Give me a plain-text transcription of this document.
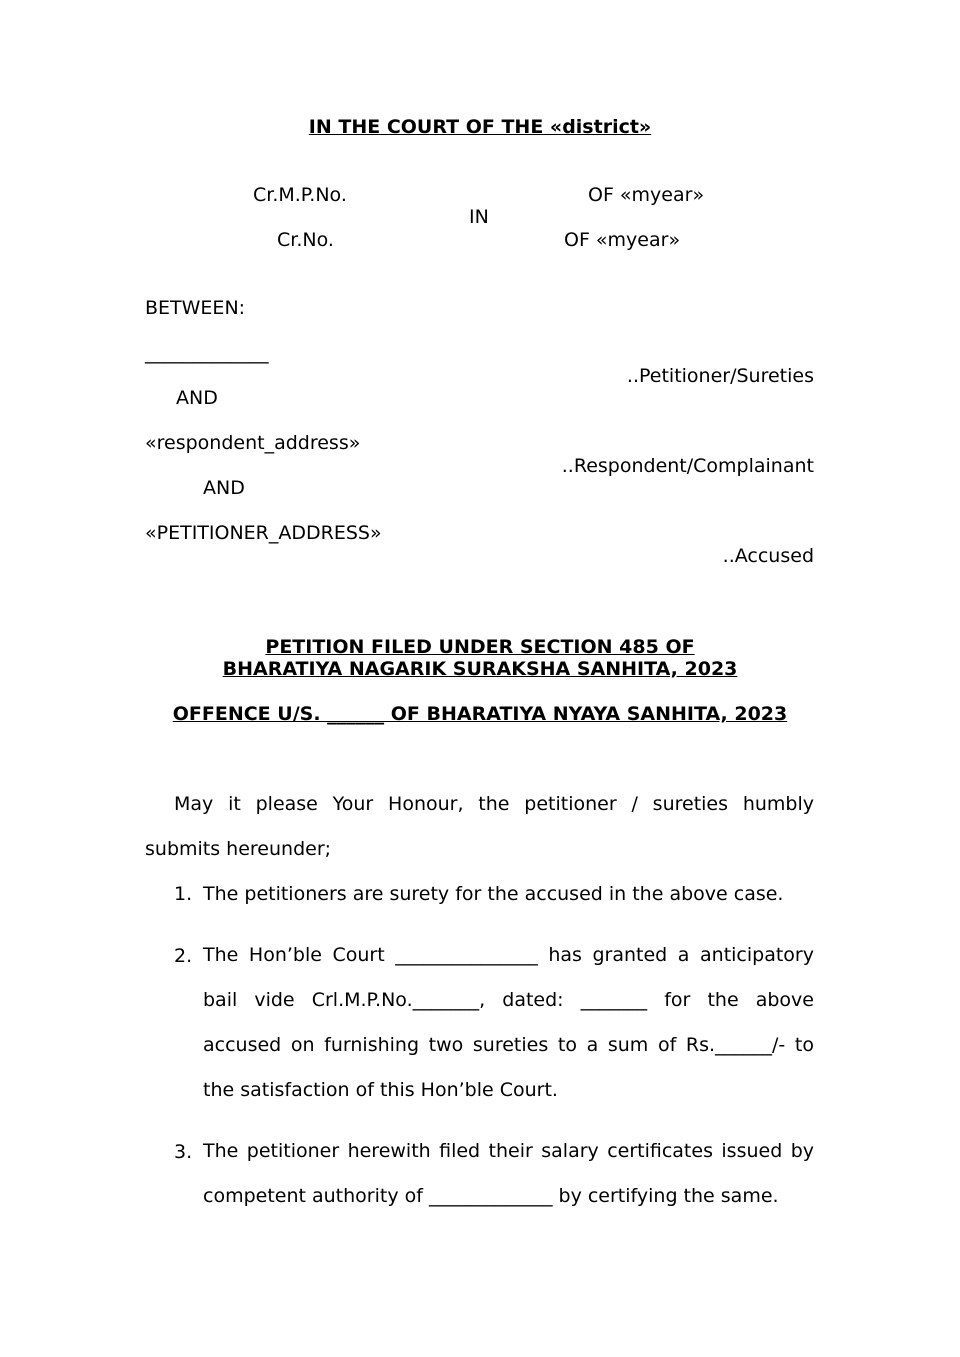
IN THE COURT OF THE «district»
Cr.M.P.No.	OF «myear»
IN
Cr.No.	OF «myear»
BETWEEN:
_____________
..Petitioner/Sureties
AND
«respondent_address»
..Respondent/Complainant
AND
«PETITIONER_ADDRESS»
..Accused
PETITION FILED UNDER SECTION 485 OF
BHARATIYA NAGARIK SURAKSHA SANHITA, 2023
OFFENCE U/S. ______ OF BHARATIYA NYAYA SANHITA, 2023
May it please Your Honour, the petitioner / sureties humbly
submits hereunder;
1. The petitioners are surety for the accused in the above case.
2. The Hon’ble Court _______________ has granted a anticipatory bail vide Crl.M.P.No._______, dated: _______ for the above accused on furnishing two sureties to a sum of Rs.______/- to the satisfaction of this Hon’ble Court.
3. The petitioner herewith filed their salary certificates issued by competent authority of _____________ by certifying the same.
